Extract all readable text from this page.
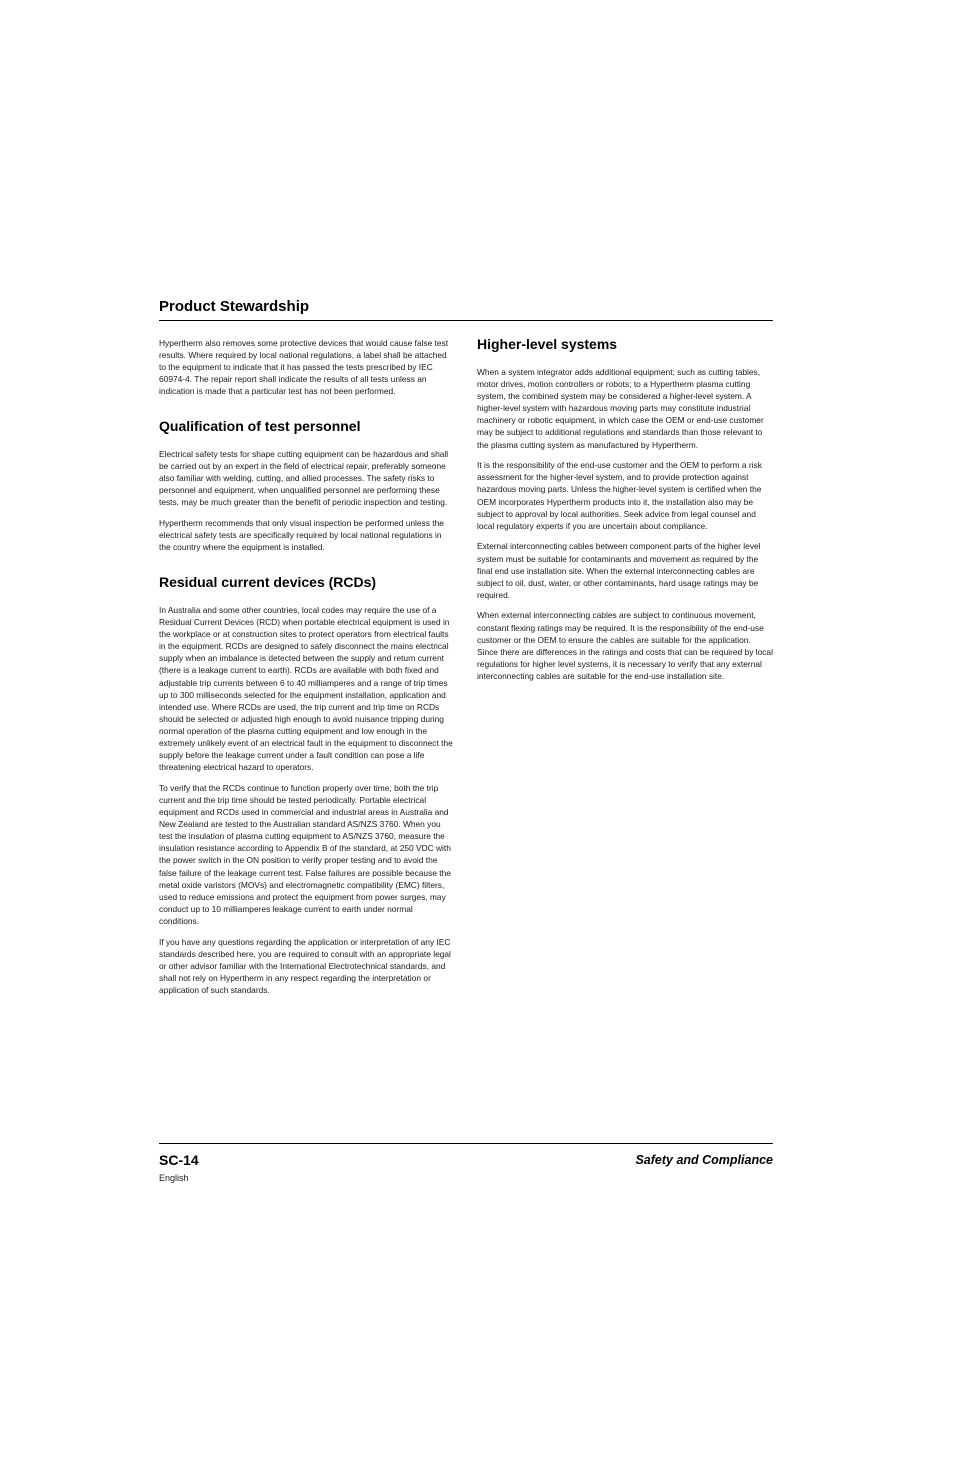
Product Stewardship

Hypertherm also removes some protective devices that would cause false test results. Where required by local national regulations, a label shall be attached to the equipment to indicate that it has passed the tests prescribed by IEC 60974-4. The repair report shall indicate the results of all tests unless an indication is made that a particular test has not been performed.

Qualification of test personnel

Electrical safety tests for shape cutting equipment can be hazardous and shall be carried out by an expert in the field of electrical repair, preferably someone also familiar with welding, cutting, and allied processes. The safety risks to personnel and equipment, when unqualified personnel are performing these tests, may be much greater than the benefit of periodic inspection and testing.

Hypertherm recommends that only visual inspection be performed unless the electrical safety tests are specifically required by local national regulations in the country where the equipment is installed.

Residual current devices (RCDs)

In Australia and some other countries, local codes may require the use of a Residual Current Devices (RCD) when portable electrical equipment is used in the workplace or at construction sites to protect operators from electrical faults in the equipment. RCDs are designed to safely disconnect the mains electrical supply when an imbalance is detected between the supply and return current (there is a leakage current to earth). RCDs are available with both fixed and adjustable trip currents between 6 to 40 milliamperes and a range of trip times up to 300 milliseconds selected for the equipment installation, application and intended use. Where RCDs are used, the trip current and trip time on RCDs should be selected or adjusted high enough to avoid nuisance tripping during normal operation of the plasma cutting equipment and low enough in the extremely unlikely event of an electrical fault in the equipment to disconnect the supply before the leakage current under a fault condition can pose a life threatening electrical hazard to operators.

To verify that the RCDs continue to function properly over time, both the trip current and the trip time should be tested periodically. Portable electrical equipment and RCDs used in commercial and industrial areas in Australia and New Zealand are tested to the Australian standard AS/NZS 3760. When you test the insulation of plasma cutting equipment to AS/NZS 3760, measure the insulation resistance according to Appendix B of the standard, at 250 VDC with the power switch in the ON position to verify proper testing and to avoid the false failure of the leakage current test. False failures are possible because the metal oxide varistors (MOVs) and electromagnetic compatibility (EMC) filters, used to reduce emissions and protect the equipment from power surges, may conduct up to 10 milliamperes leakage current to earth under normal conditions.

If you have any questions regarding the application or interpretation of any IEC standards described here, you are required to consult with an appropriate legal or other advisor familiar with the International Electrotechnical standards, and shall not rely on Hypertherm in any respect regarding the interpretation or application of such standards.

Higher-level systems

When a system integrator adds additional equipment; such as cutting tables, motor drives, motion controllers or robots; to a Hypertherm plasma cutting system, the combined system may be considered a higher-level system. A higher-level system with hazardous moving parts may constitute industrial machinery or robotic equipment, in which case the OEM or end-use customer may be subject to additional regulations and standards than those relevant to the plasma cutting system as manufactured by Hypertherm.

It is the responsibility of the end-use customer and the OEM to perform a risk assessment for the higher-level system, and to provide protection against hazardous moving parts. Unless the higher-level system is certified when the OEM incorporates Hypertherm products into it, the installation also may be subject to approval by local authorities. Seek advice from legal counsel and local regulatory experts if you are uncertain about compliance.

External interconnecting cables between component parts of the higher level system must be suitable for contaminants and movement as required by the final end use installation site. When the external interconnecting cables are subject to oil, dust, water, or other contaminants, hard usage ratings may be required.

When external interconnecting cables are subject to continuous movement, constant flexing ratings may be required. It is the responsibility of the end-use customer or the OEM to ensure the cables are suitable for the application. Since there are differences in the ratings and costs that can be required by local regulations for higher level systems, it is necessary to verify that any external interconnecting cables are suitable for the end-use installation site.

SC-14
English
Safety and Compliance
